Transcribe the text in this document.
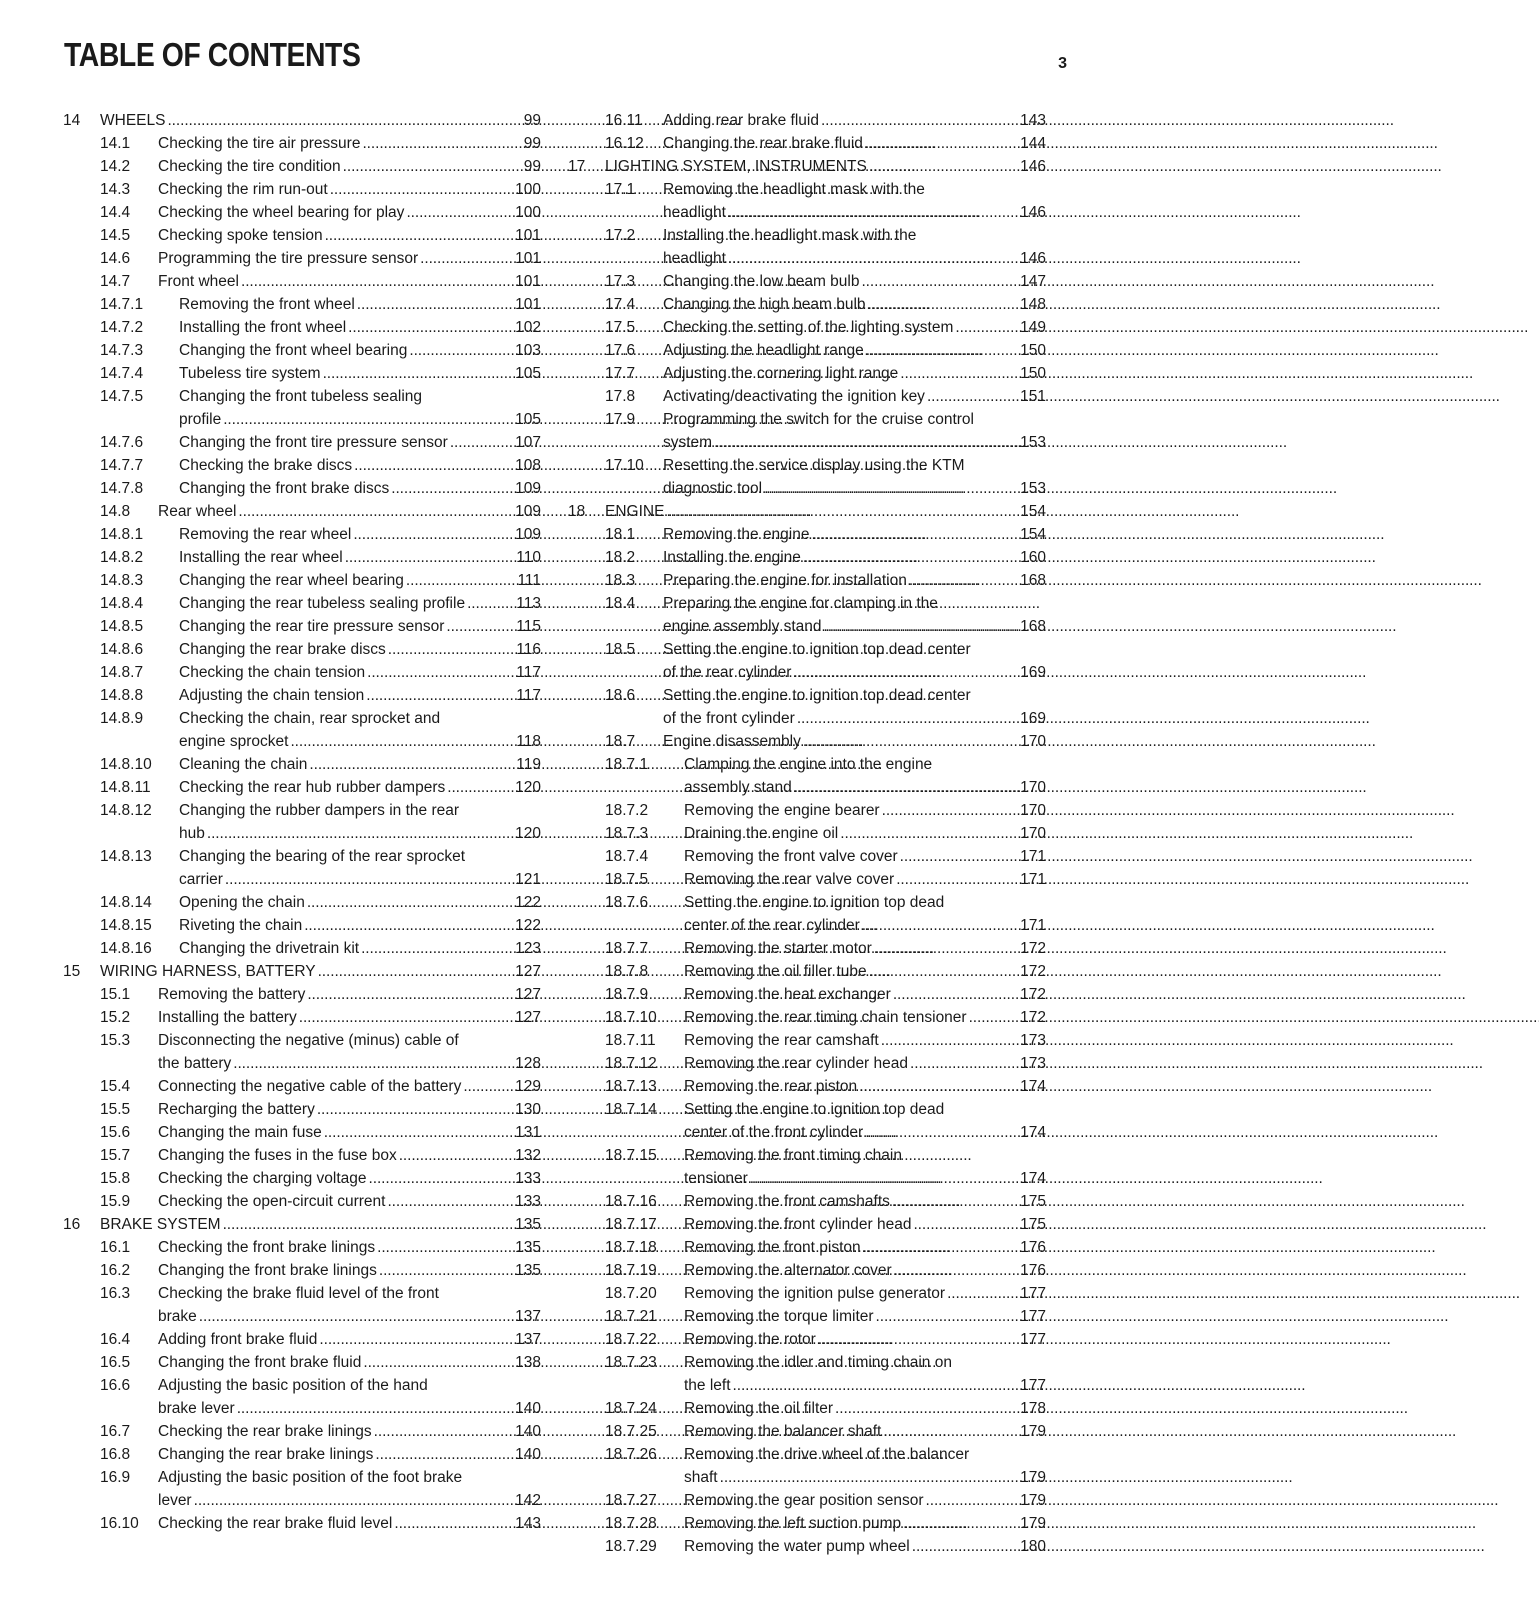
TABLE OF CONTENTS	3
14 WHEELS . . .	99
14.1 Checking the tire air pressure . . .	99
14.2 Checking the tire condition . . .	99
14.3 Checking the rim run-out . . .	100
14.4 Checking the wheel bearing for play . . .	100
14.5 Checking spoke tension . . .	101
14.6 Programming the tire pressure sensor . . .	101
14.7 Front wheel . . .	101
14.7.1 Removing the front wheel . . .	101
14.7.2 Installing the front wheel . . .	102
14.7.3 Changing the front wheel bearing . . .	103
14.7.4 Tubeless tire system . . .	105
14.7.5 Changing the front tubeless sealing
profile . . .	105
14.7.6 Changing the front tire pressure sensor . . .	107
14.7.7 Checking the brake discs . . .	108
14.7.8 Changing the front brake discs . . .	109
14.8 Rear wheel . . .	109
14.8.1 Removing the rear wheel . . .	109
14.8.2 Installing the rear wheel . . .	110
14.8.3 Changing the rear wheel bearing . . .	111
14.8.4 Changing the rear tubeless sealing profile . . .	113
14.8.5 Changing the rear tire pressure sensor . . .	115
14.8.6 Changing the rear brake discs . . .	116
14.8.7 Checking the chain tension . . .	117
14.8.8 Adjusting the chain tension . . .	117
14.8.9 Checking the chain, rear sprocket and
engine sprocket . . .	118
14.8.10 Cleaning the chain . . .	119
14.8.11 Checking the rear hub rubber dampers . . .	120
14.8.12 Changing the rubber dampers in the rear
hub . . .	120
14.8.13 Changing the bearing of the rear sprocket
carrier . . .	121
14.8.14 Opening the chain . . .	122
14.8.15 Riveting the chain . . .	122
14.8.16 Changing the drivetrain kit . . .	123
15 WIRING HARNESS, BATTERY . . .	127
15.1 Removing the battery . . .	127
15.2 Installing the battery . . .	127
15.3 Disconnecting the negative (minus) cable of
the battery . . .	128
15.4 Connecting the negative cable of the battery . . .	129
15.5 Recharging the battery . . .	130
15.6 Changing the main fuse . . .	131
15.7 Changing the fuses in the fuse box . . .	132
15.8 Checking the charging voltage . . .	133
15.9 Checking the open-circuit current . . .	133
16 BRAKE SYSTEM . . .	135
16.1 Checking the front brake linings . . .	135
16.2 Changing the front brake linings . . .	135
16.3 Checking the brake fluid level of the front
brake . . .	137
16.4 Adding front brake fluid . . .	137
16.5 Changing the front brake fluid . . .	138
16.6 Adjusting the basic position of the hand
brake lever . . .	140
16.7 Checking the rear brake linings . . .	140
16.8 Changing the rear brake linings . . .	140
16.9 Adjusting the basic position of the foot brake
lever . . .	142
16.10 Checking the rear brake fluid level . . .	143
16.11 Adding rear brake fluid . . .	143
16.12 Changing the rear brake fluid . . .	144
17 LIGHTING SYSTEM, INSTRUMENTS . . .	146
17.1 Removing the headlight mask with the
headlight . . .	146
17.2 Installing the headlight mask with the
headlight . . .	146
17.3 Changing the low beam bulb . . .	147
17.4 Changing the high beam bulb . . .	148
17.5 Checking the setting of the lighting system . . .	149
17.6 Adjusting the headlight range . . .	150
17.7 Adjusting the cornering light range . . .	150
17.8 Activating/deactivating the ignition key . . .	151
17.9 Programming the switch for the cruise control
system . . .	153
17.10 Resetting the service display using the KTM
diagnostic tool . . .	153
18 ENGINE . . .	154
18.1 Removing the engine . . .	154
18.2 Installing the engine . . .	160
18.3 Preparing the engine for installation . . .	168
18.4 Preparing the engine for clamping in the
engine assembly stand . . .	168
18.5 Setting the engine to ignition top dead center
of the rear cylinder . . .	169
18.6 Setting the engine to ignition top dead center
of the front cylinder . . .	169
18.7 Engine disassembly . . .	170
18.7.1 Clamping the engine into the engine
assembly stand . . .	170
18.7.2 Removing the engine bearer . . .	170
18.7.3 Draining the engine oil . . .	170
18.7.4 Removing the front valve cover . . .	171
18.7.5 Removing the rear valve cover . . .	171
18.7.6 Setting the engine to ignition top dead
center of the rear cylinder . . .	171
18.7.7 Removing the starter motor . . .	172
18.7.8 Removing the oil filler tube . . .	172
18.7.9 Removing the heat exchanger . . .	172
18.7.10 Removing the rear timing chain tensioner . . .	172
18.7.11 Removing the rear camshaft . . .	173
18.7.12 Removing the rear cylinder head . . .	173
18.7.13 Removing the rear piston . . .	174
18.7.14 Setting the engine to ignition top dead
center of the front cylinder . . .	174
18.7.15 Removing the front timing chain
tensioner . . .	174
18.7.16 Removing the front camshafts . . .	175
18.7.17 Removing the front cylinder head . . .	175
18.7.18 Removing the front piston . . .	176
18.7.19 Removing the alternator cover . . .	176
18.7.20 Removing the ignition pulse generator . . .	177
18.7.21 Removing the torque limiter . . .	177
18.7.22 Removing the rotor . . .	177
18.7.23 Removing the idler and timing chain on
the left . . .	177
18.7.24 Removing the oil filter . . .	178
18.7.25 Removing the balancer shaft . . .	179
18.7.26 Removing the drive wheel of the balancer
shaft . . .	179
18.7.27 Removing the gear position sensor . . .	179
18.7.28 Removing the left suction pump . . .	179
18.7.29 Removing the water pump wheel . . .	180
